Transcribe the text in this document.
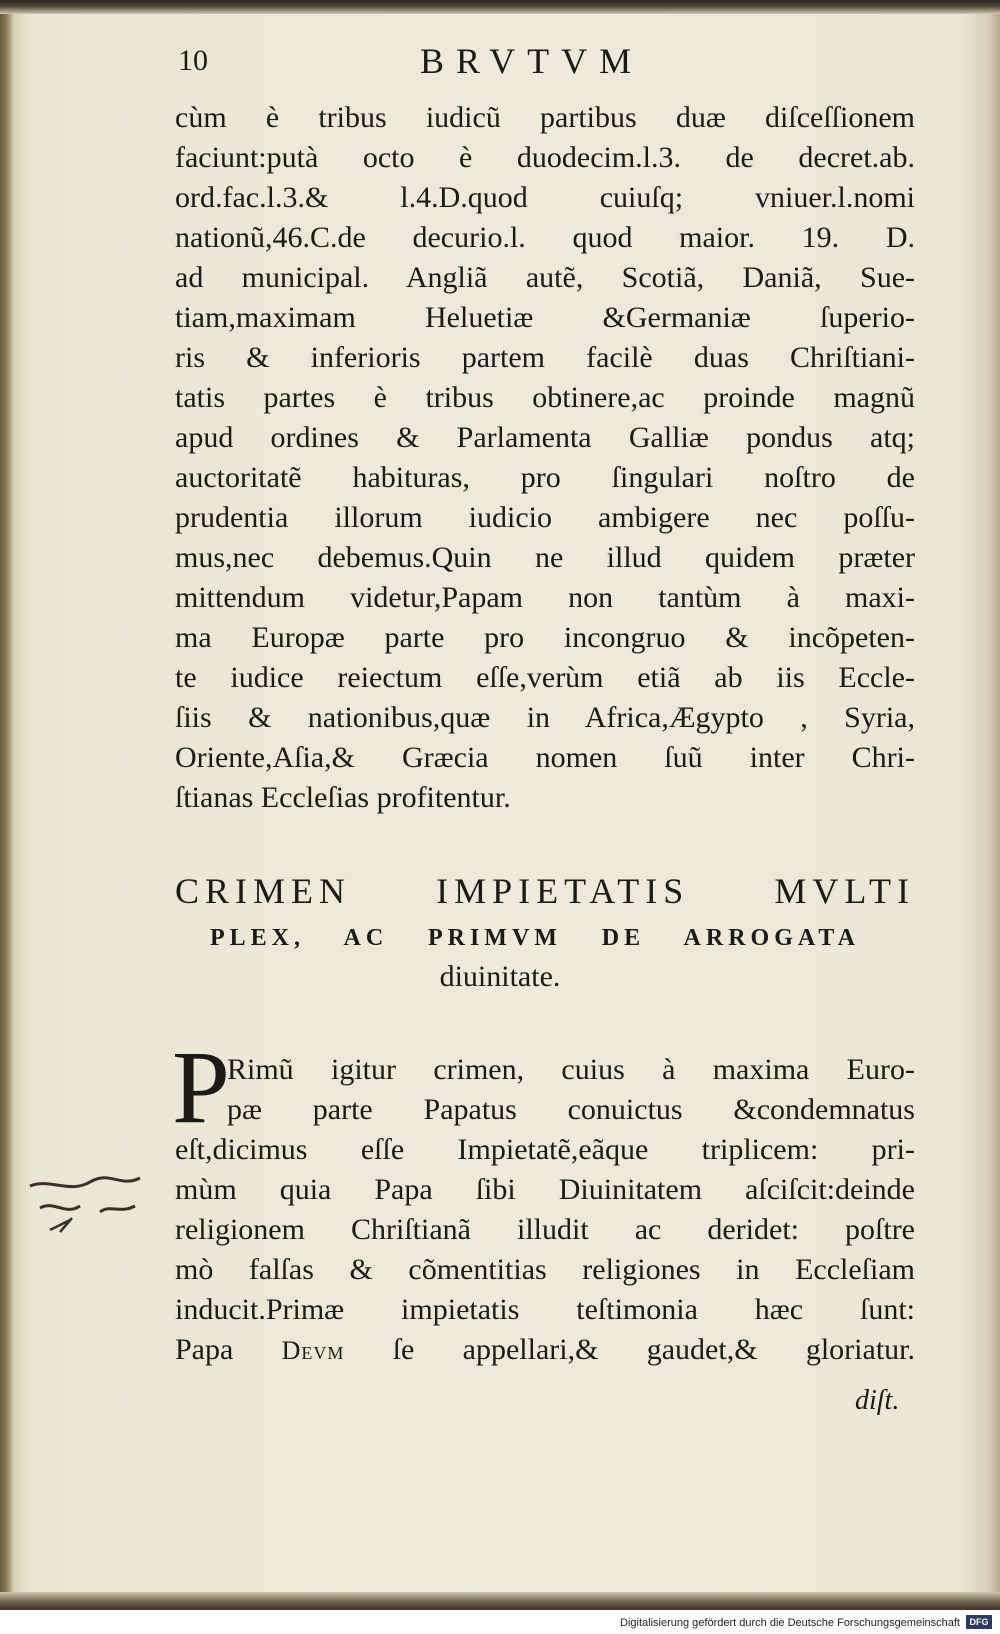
10	BRVTVM
cùm è tribus iudicũ partibus duæ diſceſſionem
faciunt:putà octo è duodecim.l.3. de decret.ab.
ord.fac.l.3.& l.4.D.quod cuiuſq; vniuer.l.nomi
nationũ,46.C.de decurio.l. quod maior. 19. D.
ad municipal. Angliã autẽ, Scotiã, Daniã, Sue-
tiam,maximam Heluetiæ &Germaniæ ſuperio-
ris & inferioris partem facilè duas Chriſtiani-
tatis partes è tribus obtinere,ac proinde magnũ
apud ordines & Parlamenta Galliæ pondus atq;
auctoritatẽ habituras, pro ſingulari noſtro de
prudentia illorum iudicio ambigere nec poſſu-
mus,nec debemus.Quin ne illud quidem præter
mittendum videtur,Papam non tantùm à maxi-
ma Europæ parte pro incongruo & incõpeten-
te iudice reiectum eſſe,verùm etiã ab iis Eccle-
ſiis & nationibus,quæ in Africa,Ægypto , Syria,
Oriente,Aſia,& Græcia nomen ſuũ inter Chri-
ſtianas Eccleſias profitentur.
CRIMEN IMPIETATIS MVLTI
PLEX, AC PRIMVM DE ARROGATA
diuinitate.
P
Rimũ igitur crimen, cuius à maxima Euro-
pæ parte Papatus conuictus &condemnatus
eſt,dicimus eſſe Impietatẽ,eãque triplicem: pri-
mùm quia Papa ſibi Diuinitatem aſciſcit:deinde
religionem Chriſtianã illudit ac deridet: poſtre
mò falſas & cõmentitias religiones in Eccleſiam
inducit.Primæ impietatis teſtimonia hæc ſunt:
Papa Devm ſe appellari,& gaudet,& gloriatur.
diſt.
Digitalisierung gefördert durch die Deutsche Forschungsgemeinschaft	DFG
